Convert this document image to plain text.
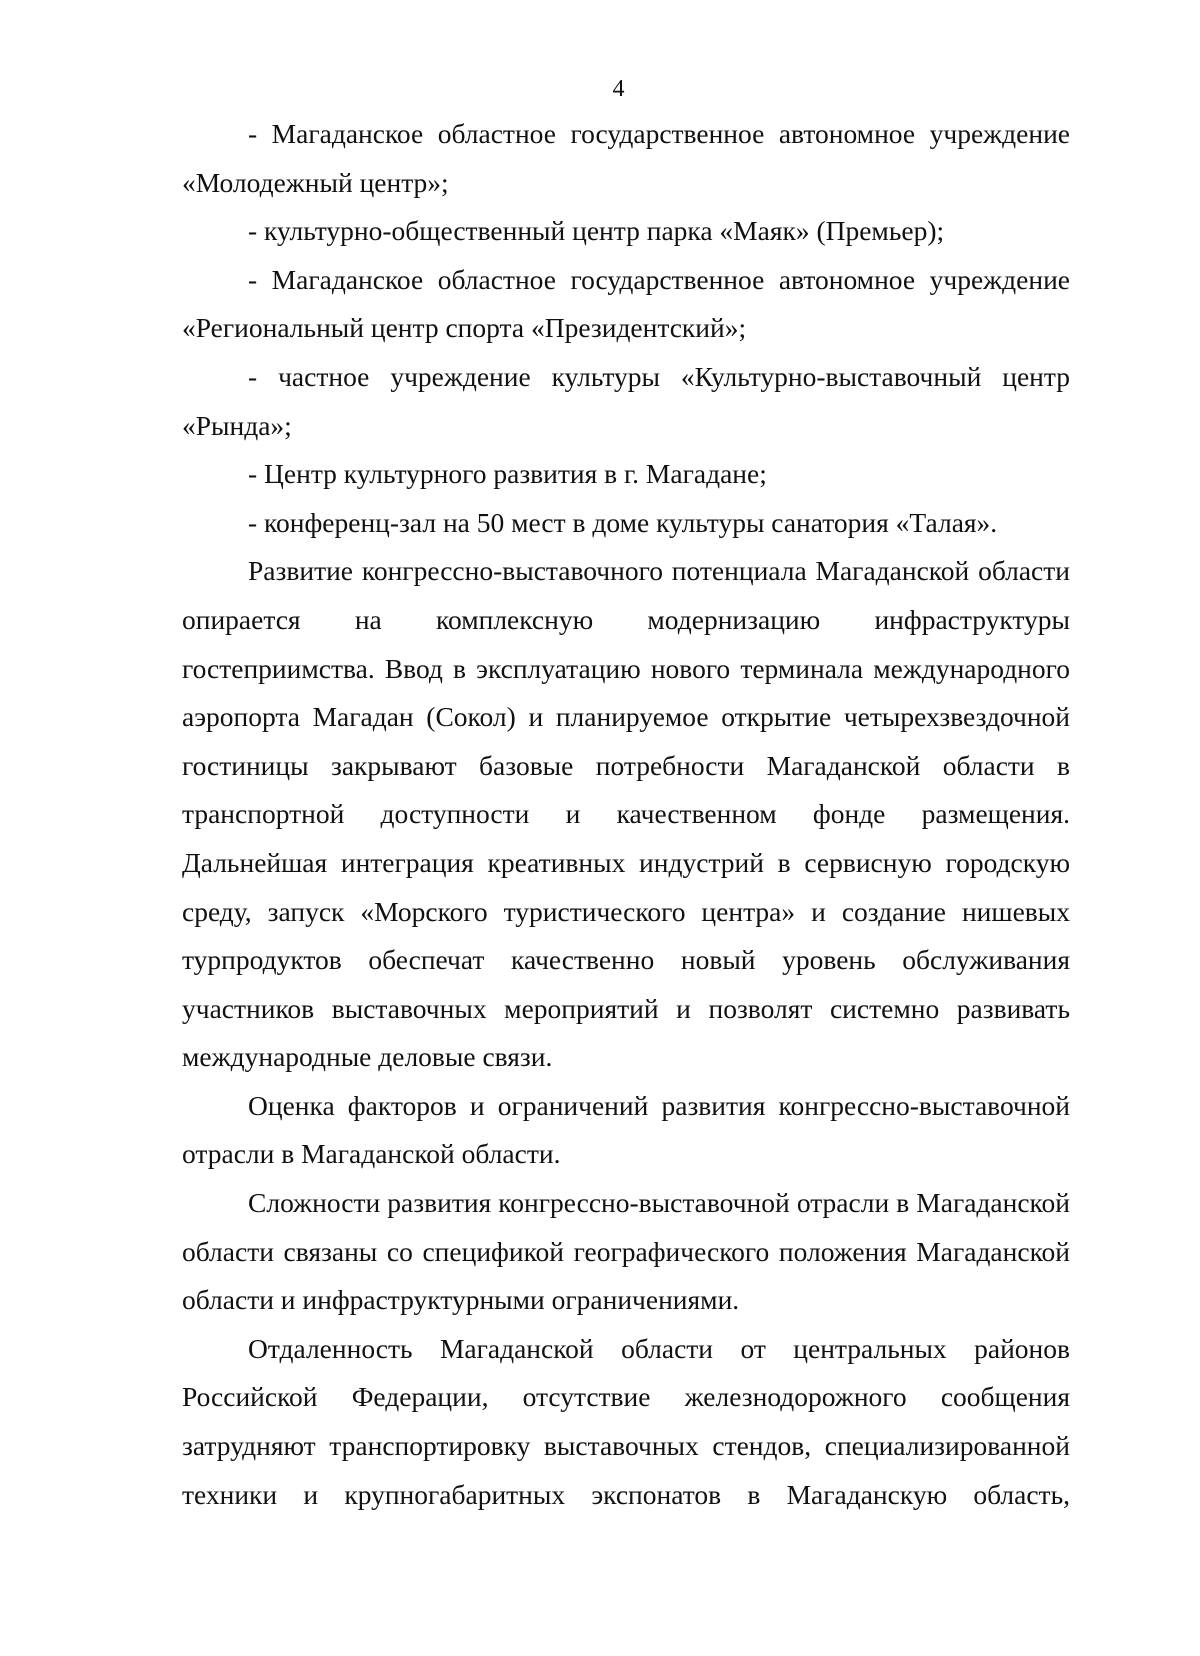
4

- Магаданское областное государственное автономное учреждение «Молодежный центр»;

- культурно-общественный центр парка «Маяк» (Премьер);

- Магаданское областное государственное автономное учреждение «Региональный центр спорта «Президентский»;

- частное учреждение культуры «Культурно-выставочный центр «Рында»;

- Центр культурного развития в г. Магадане;

- конференц-зал на 50 мест в доме культуры санатория «Талая».

Развитие конгрессно-выставочного потенциала Магаданской области опирается на комплексную модернизацию инфраструктуры гостеприимства. Ввод в эксплуатацию нового терминала международного аэропорта Магадан (Сокол) и планируемое открытие четырехзвездочной гостиницы закрывают базовые потребности Магаданской области в транспортной доступности и качественном фонде размещения. Дальнейшая интеграция креативных индустрий в сервисную городскую среду, запуск «Морского туристического центра» и создание нишевых турпродуктов обеспечат качественно новый уровень обслуживания участников выставочных мероприятий и позволят системно развивать международные деловые связи.

Оценка факторов и ограничений развития конгрессно-выставочной отрасли в Магаданской области.

Сложности развития конгрессно-выставочной отрасли в Магаданской области связаны со спецификой географического положения Магаданской области и инфраструктурными ограничениями.

Отдаленность Магаданской области от центральных районов Российской Федерации, отсутствие железнодорожного сообщения затрудняют транспортировку выставочных стендов, специализированной техники и крупногабаритных экспонатов в Магаданскую область,
